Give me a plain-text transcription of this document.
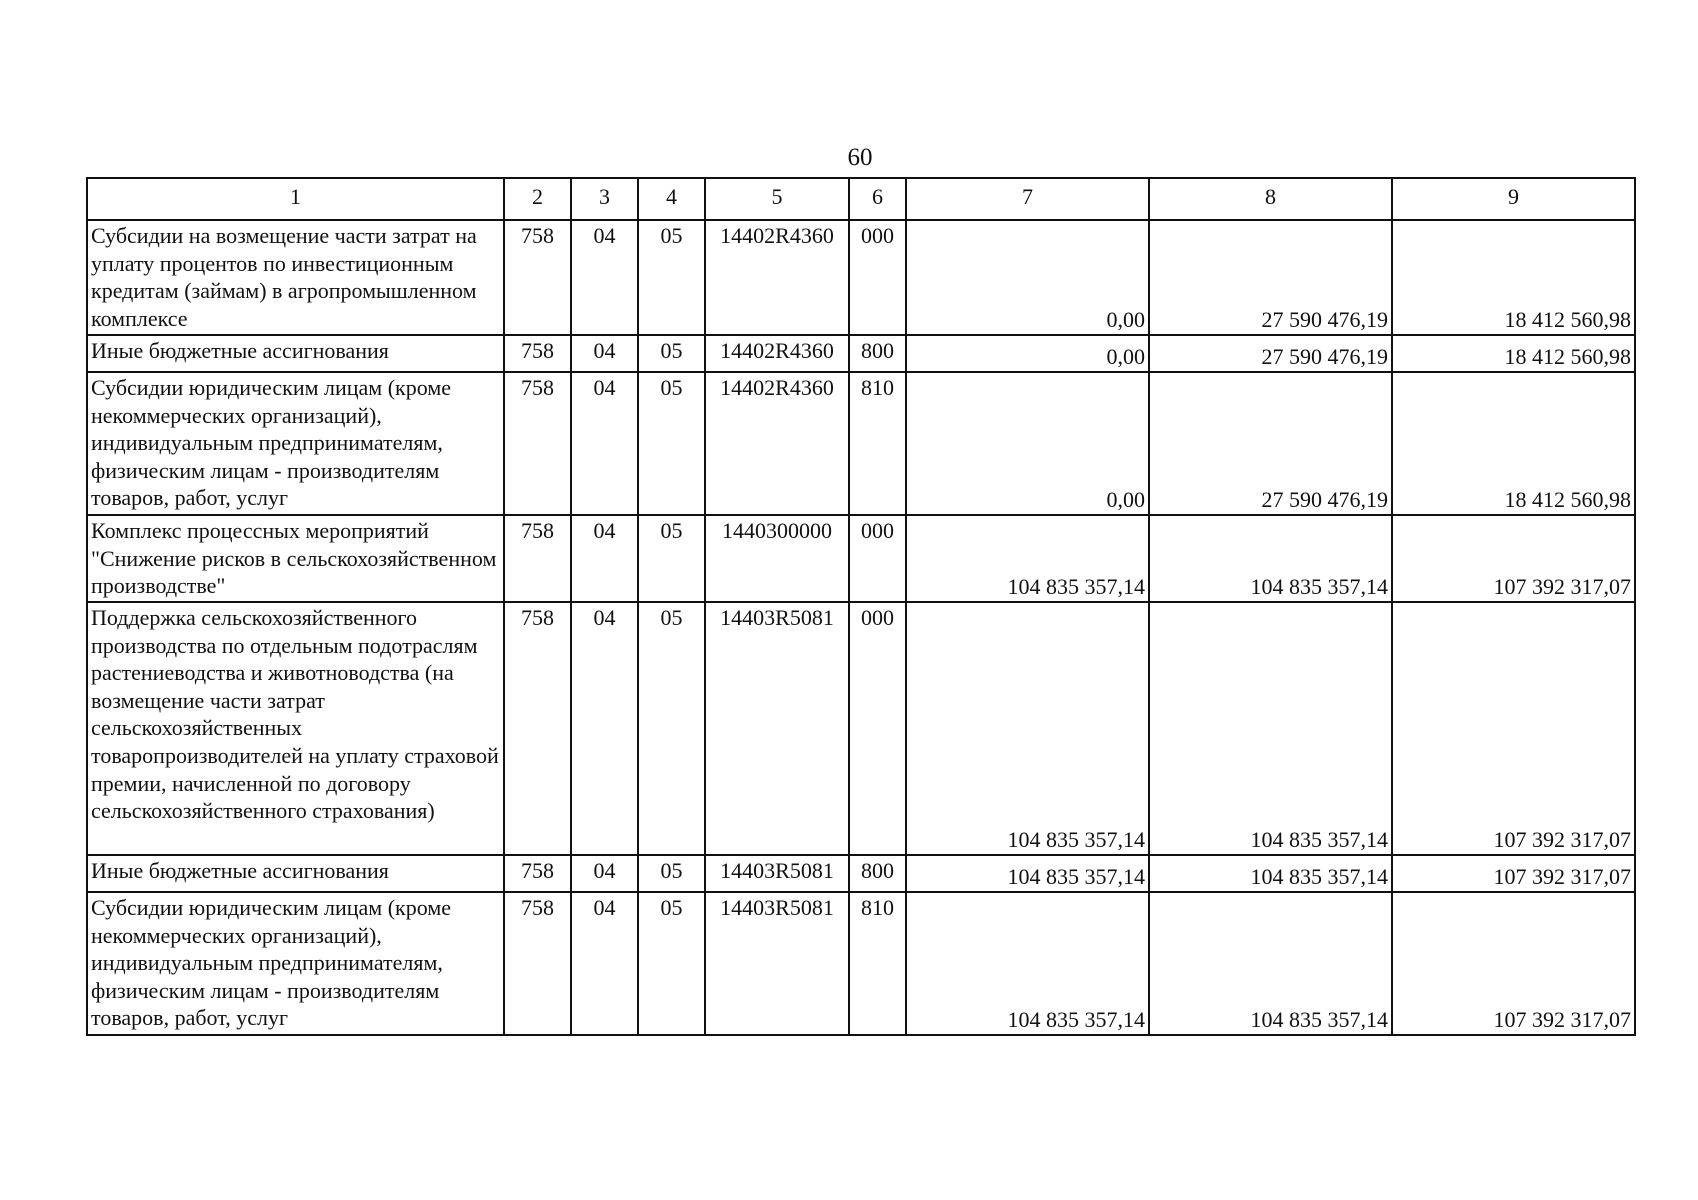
60
1	2	3	4	5	6	7	8	9
Субсидии на возмещение части затрат на уплату процентов по инвестиционным кредитам (займам) в агропромышленном комплексе	758	04	05	14402R4360	000	0,00	27 590 476,19	18 412 560,98
Иные бюджетные ассигнования	758	04	05	14402R4360	800	0,00	27 590 476,19	18 412 560,98
Субсидии юридическим лицам (кроме некоммерческих организаций), индивидуальным предпринимателям, физическим лицам - производителям товаров, работ, услуг	758	04	05	14402R4360	810	0,00	27 590 476,19	18 412 560,98
Комплекс процессных мероприятий "Снижение рисков в сельскохозяйственном производстве"	758	04	05	1440300000	000	104 835 357,14	104 835 357,14	107 392 317,07
Поддержка сельскохозяйственного производства по отдельным подотраслям растениеводства и животноводства (на возмещение части затрат сельскохозяйственных товаропроизводителей на уплату страховой премии, начисленной по договору сельскохозяйственного страхования)	758	04	05	14403R5081	000	104 835 357,14	104 835 357,14	107 392 317,07
Иные бюджетные ассигнования	758	04	05	14403R5081	800	104 835 357,14	104 835 357,14	107 392 317,07
Субсидии юридическим лицам (кроме некоммерческих организаций), индивидуальным предпринимателям, физическим лицам - производителям товаров, работ, услуг	758	04	05	14403R5081	810	104 835 357,14	104 835 357,14	107 392 317,07
